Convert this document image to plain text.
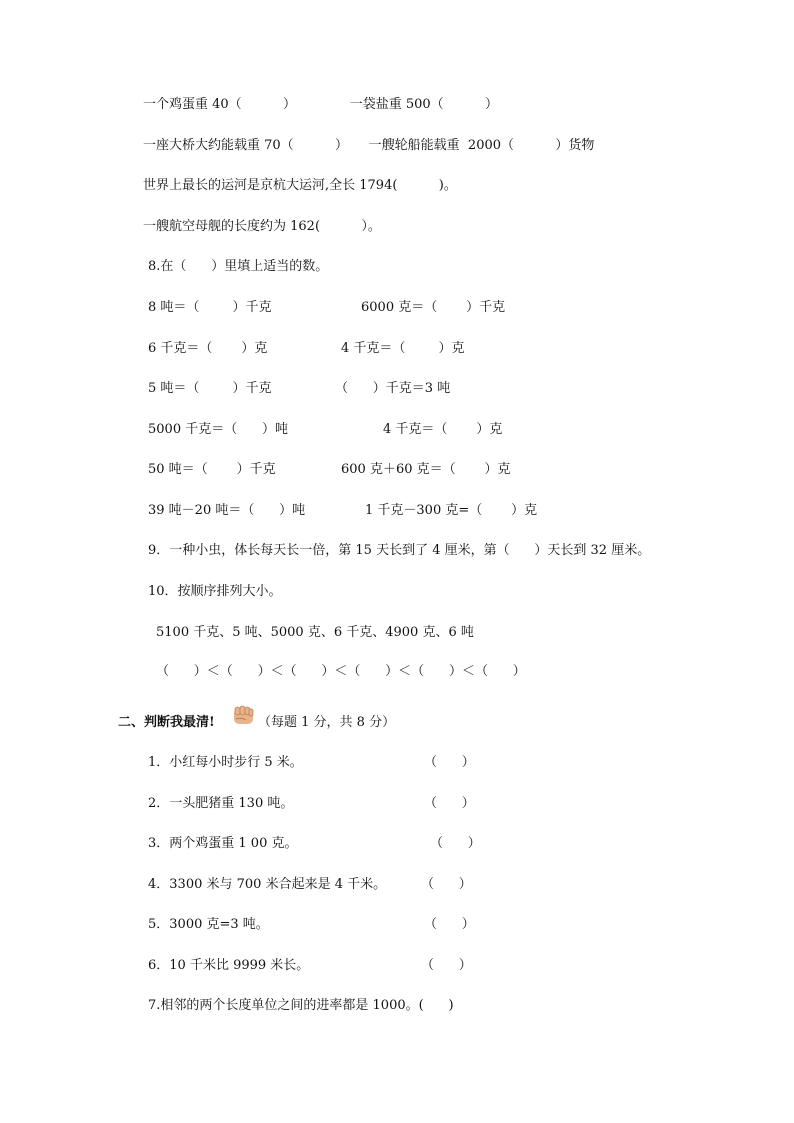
一个鸡蛋重 40（          ）             一袋盐重 500（          ）
一座大桥大约能载重 70（          ）     一艘轮船能载重  2000（          ）货物
世界上最长的运河是京杭大运河,全长 1794(          )。
一艘航空母舰的长度约为 162(          ）。
8.在（      ）里填上适当的数。
8 吨＝（        ）千克	6000 克＝（       ）千克
6 千克＝（       ）克	4 千克＝（        ）克
5 吨＝（        ）千克	（      ）千克＝3 吨
5000 千克＝（      ）吨	4 千克＝（       ）克
50 吨＝（       ）千克	600 克＋60 克＝（       ）克
39 吨－20 吨＝（      ）吨	1 千克－300 克=（       ）克
9．一种小虫，体长每天长一倍，第 15 天长到了 4 厘米，第（      ）天长到 32 厘米。
10．按顺序排列大小。
5100 千克、5 吨、5000 克、6 千克、4900 克、6 吨
（      ）＜（      ）＜（      ）＜（      ）＜（      ）＜（      ）
二、判断我最清!	（每题 1 分，共 8 分）
1．小红每小时步行 5 米。	（      ）
2．一头肥猪重 130 吨。	（      ）
3．两个鸡蛋重 1 00 克。	（      ）
4．3300 米与 700 米合起来是 4 千米。	（      ）
5．3000 克=3 吨。	（      ）
6．10 千米比 9999 米长。	（      ）
7.相邻的两个长度单位之间的进率都是 1000。(      )
